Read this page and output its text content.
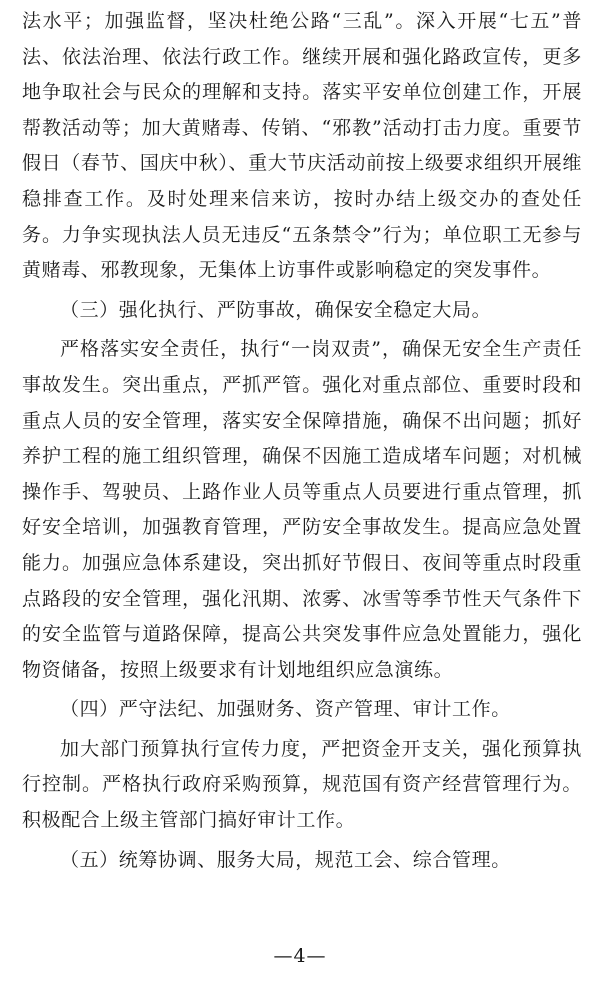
法水平；加强监督，坚决杜绝公路“三乱”。深入开展“七五”普法、依法治理、依法行政工作。继续开展和强化路政宣传，更多地争取社会与民众的理解和支持。落实平安单位创建工作，开展帮教活动等；加大黄赌毒、传销、“邪教”活动打击力度。重要节假日（春节、国庆中秋）、重大节庆活动前按上级要求组织开展维稳排查工作。及时处理来信来访，按时办结上级交办的查处任务。力争实现执法人员无违反“五条禁令”行为；单位职工无参与黄赌毒、邪教现象，无集体上访事件或影响稳定的突发事件。

（三）强化执行、严防事故，确保安全稳定大局。

严格落实安全责任，执行“一岗双责”，确保无安全生产责任事故发生。突出重点，严抓严管。强化对重点部位、重要时段和重点人员的安全管理，落实安全保障措施，确保不出问题；抓好养护工程的施工组织管理，确保不因施工造成堵车问题；对机械操作手、驾驶员、上路作业人员等重点人员要进行重点管理，抓好安全培训，加强教育管理，严防安全事故发生。提高应急处置能力。加强应急体系建设，突出抓好节假日、夜间等重点时段重点路段的安全管理，强化汛期、浓雾、冰雪等季节性天气条件下的安全监管与道路保障，提高公共突发事件应急处置能力，强化物资储备，按照上级要求有计划地组织应急演练。

（四）严守法纪、加强财务、资产管理、审计工作。

加大部门预算执行宣传力度，严把资金开支关，强化预算执行控制。严格执行政府采购预算，规范国有资产经营管理行为。积极配合上级主管部门搞好审计工作。

（五）统筹协调、服务大局，规范工会、综合管理。

—4—
